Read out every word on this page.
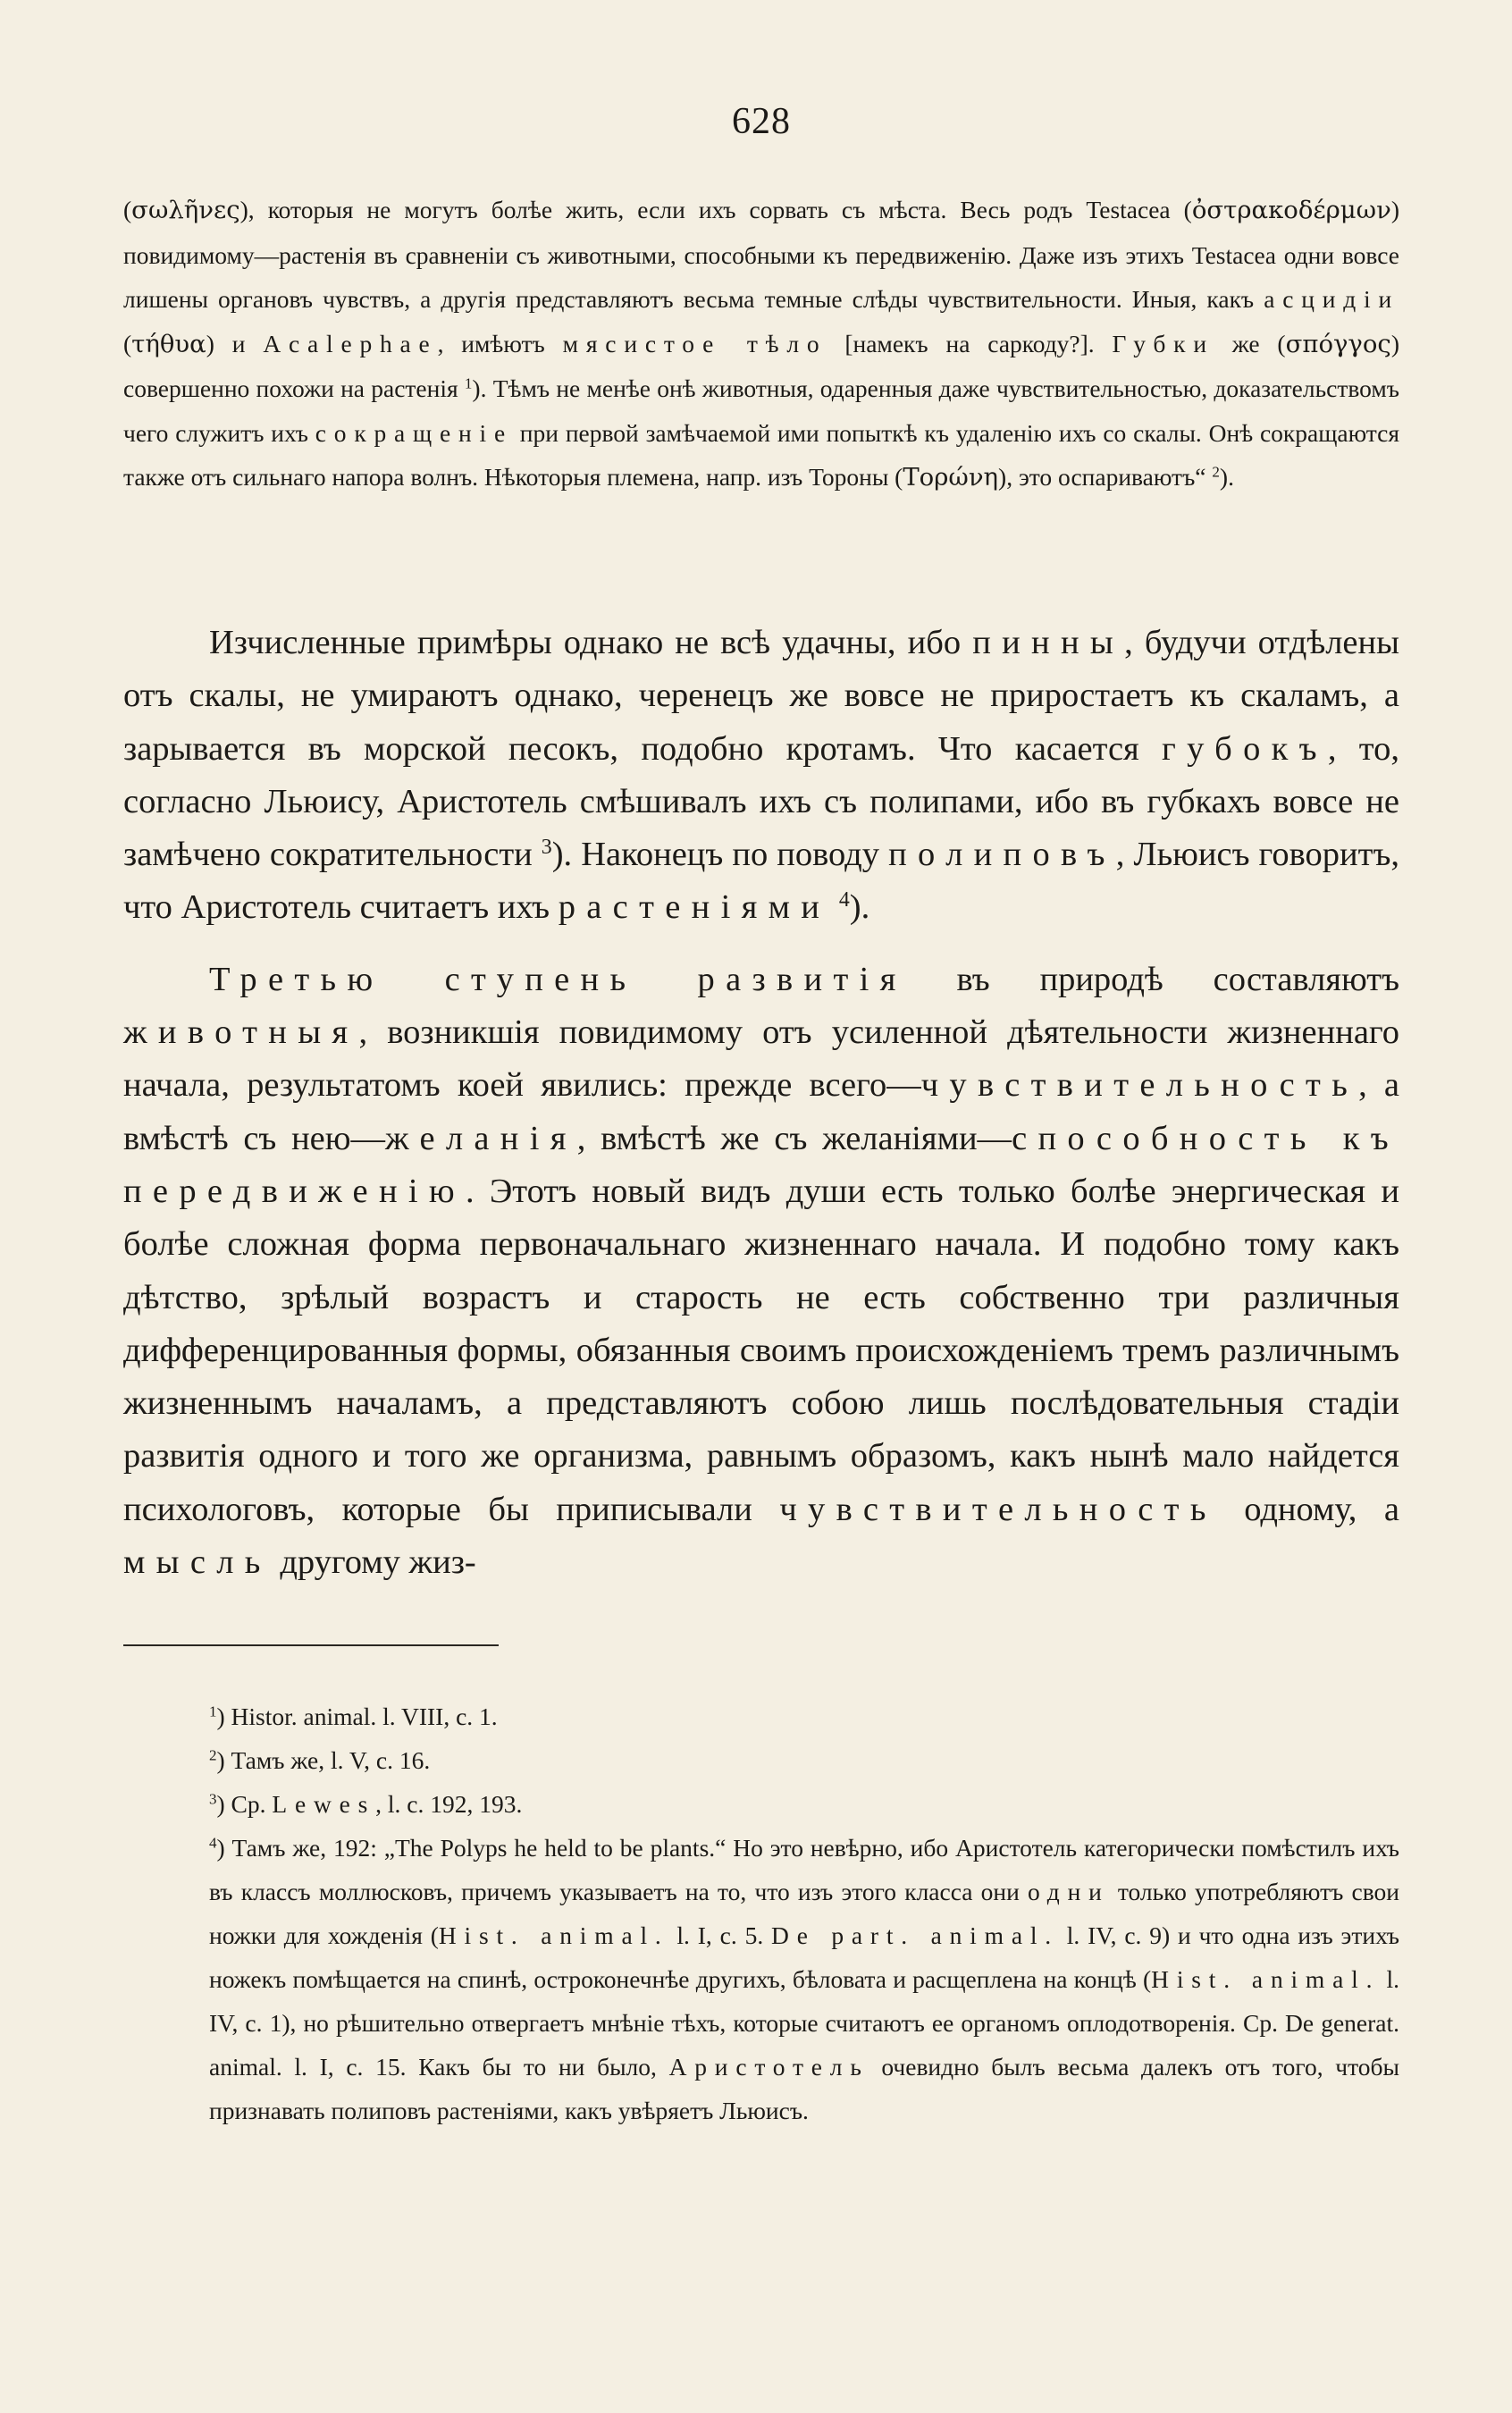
628
(σωλῆνες), которыя не могутъ болѣе жить, если ихъ сорвать съ мѣста. Весь родъ Testacea (ὀστρακοδέρμων) повидимому—растенія въ сравненіи съ животными, способными къ передвиженію. Даже изъ этихъ Testacea одни вовсе лишены органовъ чувствъ, а другія представляютъ весьма темные слѣды чувствительности. Иныя, какъ асцидіи (τήθυα) и Acalephae, имѣютъ мясистое тѣло [намекъ на саркоду?]. Губки же (σπόγγος) совершенно похожи на растенія $^1$). Тѣмъ не менѣе онѣ животныя, одаренныя даже чувствительностью, доказательствомъ чего служитъ ихъ сокращеніе при первой замѣчаемой ими попыткѣ къ удаленію ихъ со скалы. Онѣ сокращаются также отъ сильнаго напора волнъ. Нѣкоторыя племена, напр. изъ Тороны (Τορώνη), это оспариваютъ“ $^2$).

Изчисленные примѣры однако не всѣ удачны, ибо пинны, будучи отдѣлены отъ скалы, не умираютъ однако, черенецъ же вовсе не приростаетъ къ скаламъ, а зарывается въ морской песокъ, подобно кротамъ. Что касается губокъ, то, согласно Льюису, Аристотель смѣшивалъ ихъ съ полипами, ибо въ губкахъ вовсе не замѣчено сократительности $^3$). Наконецъ по поводу полиповъ, Льюисъ говоритъ, что Аристотель считаетъ ихъ растеніями $^4$).

Третью ступень развитія въ природѣ составляютъ животныя, возникшія повидимому отъ усиленной дѣятельности жизненнаго начала, результатомъ коей явились: прежде всего—чувствительность, а вмѣстѣ съ нею—желанія, вмѣстѣ же съ желаніями—способность къ передвиженію. Этотъ новый видъ души есть только болѣе энергическая и болѣе сложная форма первоначальнаго жизненнаго начала. И подобно тому какъ дѣтство, зрѣлый возрастъ и старость не есть собственно три различныя дифференцированныя формы, обязанныя своимъ происхожденіемъ тремъ различнымъ жизненнымъ началамъ, а представляютъ собою лишь послѣдовательныя стадіи развитія одного и того же организма, равнымъ образомъ, какъ нынѣ мало найдется психологовъ, которые бы приписывали чувствительность одному, а мысль другому жиз-

$^1$) Histor. animal. l. VIII, c. 1.

$^2$) Тамъ же, l. V, c. 16.

$^3$) Ср. Lewes, l. c. 192, 193.

$^4$) Тамъ же, 192: „The Polyps he held to be plants.“ Но это невѣрно, ибо Аристотель категорически помѣстилъ ихъ въ классъ моллюсковъ, причемъ указываетъ на то, что изъ этого класса они одни только употребляютъ свои ножки для хожденія (Hist. animal. l. I, c. 5. De part. animal. l. IV, c. 9) и что одна изъ этихъ ножекъ помѣщается на спинѣ, остроконечнѣе другихъ, бѣловата и расщеплена на концѣ (Hist. animal. l. IV, c. 1), но рѣшительно отвергаетъ мнѣніе тѣхъ, которые считаютъ ее органомъ оплодотворенія. Ср. De generat. animal. l. I, c. 15. Какъ бы то ни было, Аристотель очевидно былъ весьма далекъ отъ того, чтобы признавать полиповъ растеніями, какъ увѣряетъ Льюисъ.
